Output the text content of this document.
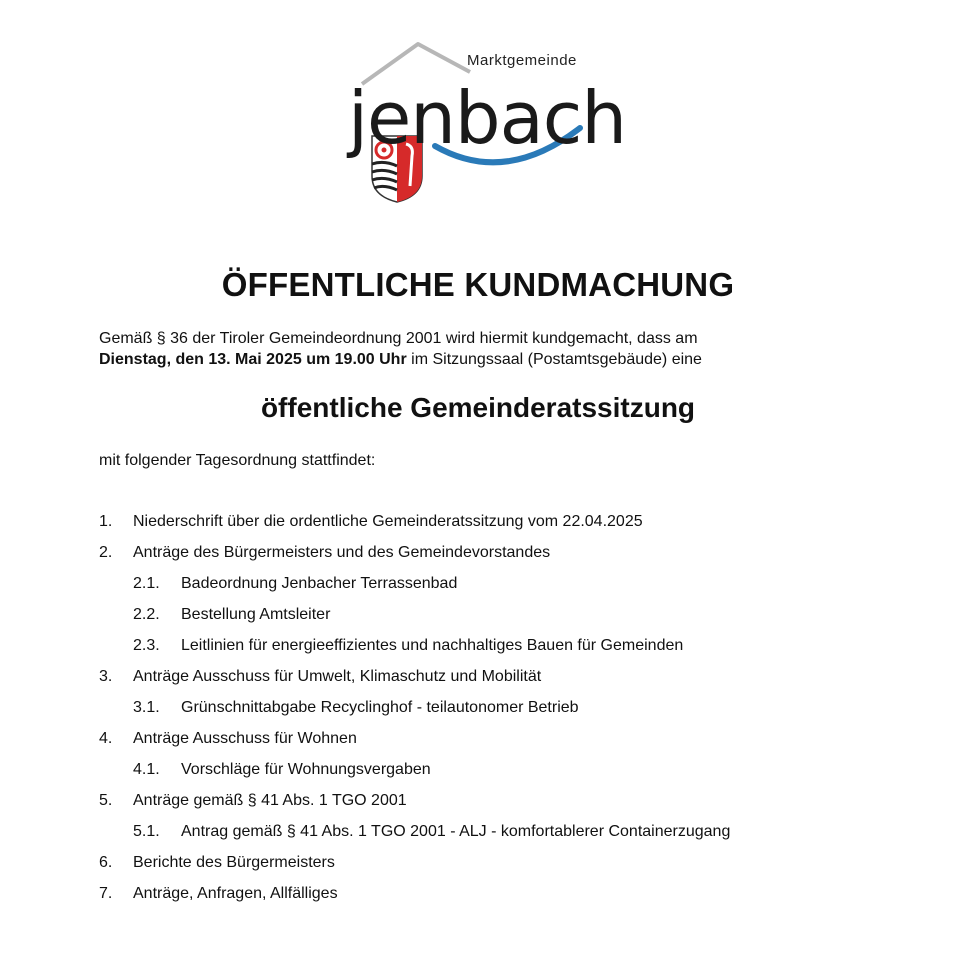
Marktgemeinde
jenbach
ÖFFENTLICHE KUNDMACHUNG
Gemäß § 36 der Tiroler Gemeindeordnung 2001 wird hiermit kundgemacht, dass am
Dienstag, den 13. Mai 2025 um 19.00 Uhr im Sitzungssaal (Postamtsgebäude) eine
öffentliche Gemeinderatssitzung
mit folgender Tagesordnung stattfindet:
1. Niederschrift über die ordentliche Gemeinderatssitzung vom 22.04.2025
2. Anträge des Bürgermeisters und des Gemeindevorstandes
2.1. Badeordnung Jenbacher Terrassenbad
2.2. Bestellung Amtsleiter
2.3. Leitlinien für energieeffizientes und nachhaltiges Bauen für Gemeinden
3. Anträge Ausschuss für Umwelt, Klimaschutz und Mobilität
3.1. Grünschnittabgabe Recyclinghof - teilautonomer Betrieb
4. Anträge Ausschuss für Wohnen
4.1. Vorschläge für Wohnungsvergaben
5. Anträge gemäß § 41 Abs. 1 TGO 2001
5.1. Antrag gemäß § 41 Abs. 1 TGO 2001 - ALJ - komfortablerer Containerzugang
6. Berichte des Bürgermeisters
7. Anträge, Anfragen, Allfälliges
